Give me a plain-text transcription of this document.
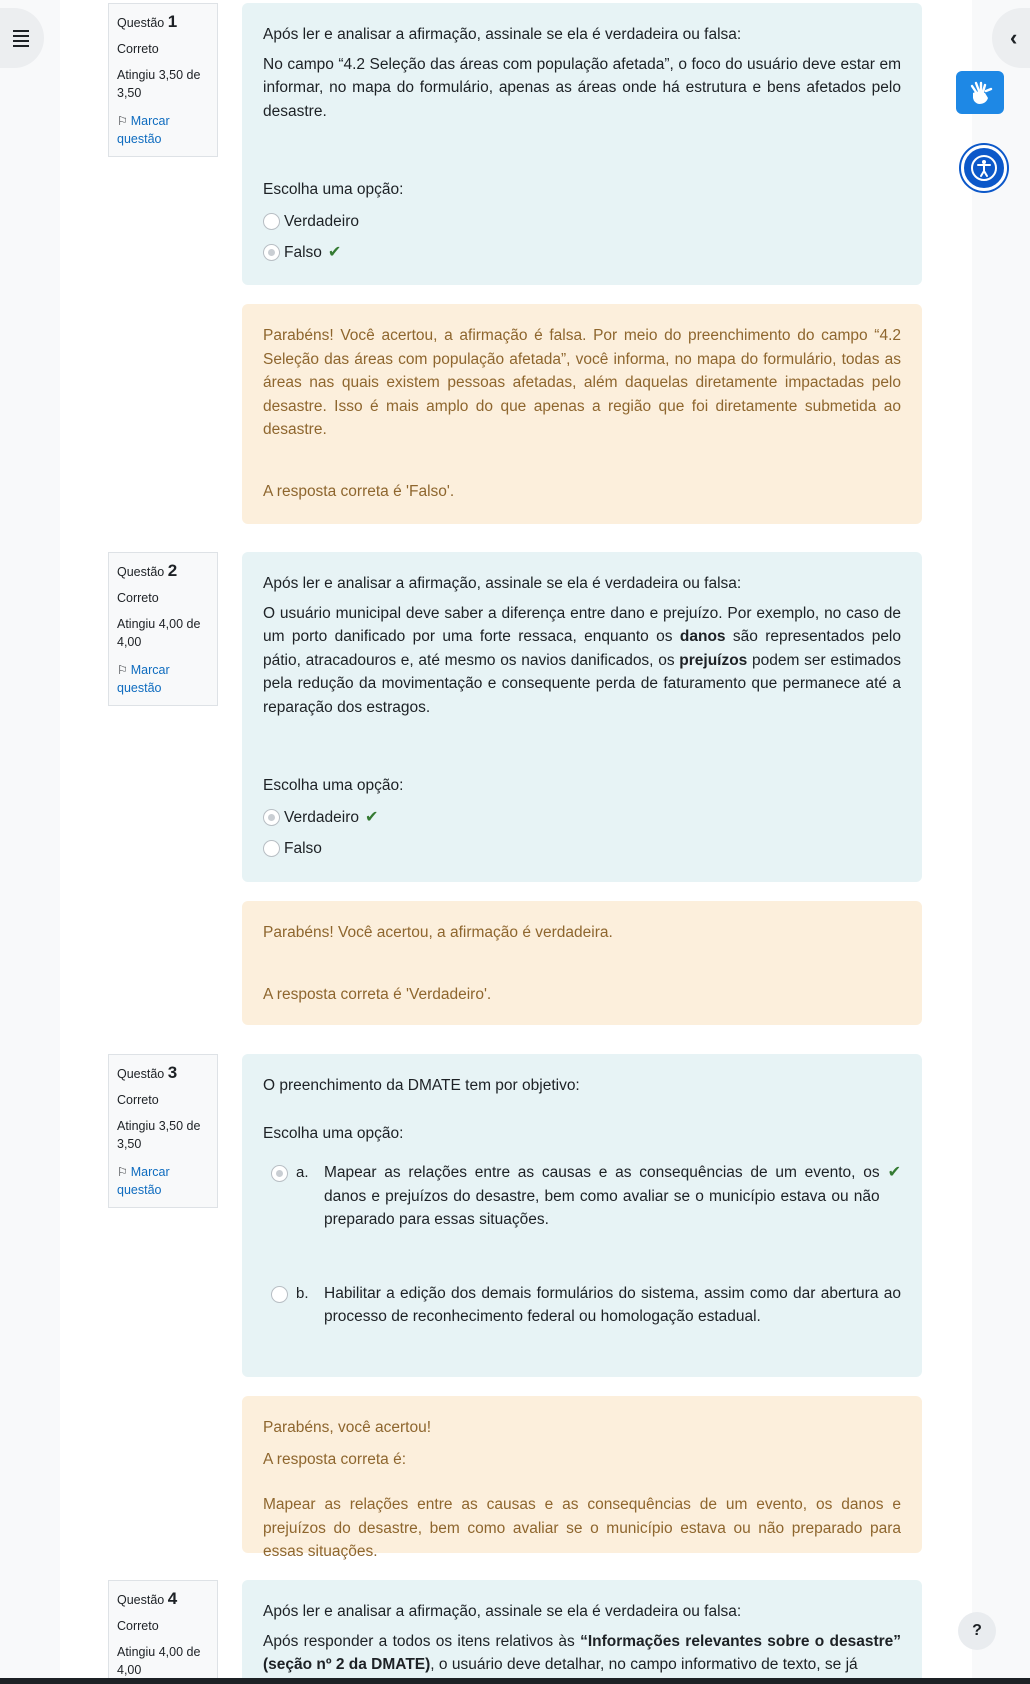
‹
Questão 1
Correto
Atingiu 3,50 de 3,50
⚐ Marcar questão
Após ler e analisar a afirmação, assinale se ela é verdadeira ou falsa:
No campo “4.2 Seleção das áreas com população afetada”, o foco do usuário deve estar em informar, no mapa do formulário, apenas as áreas onde há estrutura e bens afetados pelo desastre.
Escolha uma opção:
Verdadeiro
Falso ✔
Parabéns! Você acertou, a afirmação é falsa. Por meio do preenchimento do campo “4.2 Seleção das áreas com população afetada”, você informa, no mapa do formulário, todas as áreas nas quais existem pessoas afetadas, além daquelas diretamente impactadas pelo desastre. Isso é mais amplo do que apenas a região que foi diretamente submetida ao desastre.
A resposta correta é 'Falso'.
Questão 2
Correto
Atingiu 4,00 de 4,00
⚐ Marcar questão
Após ler e analisar a afirmação, assinale se ela é verdadeira ou falsa:
O usuário municipal deve saber a diferença entre dano e prejuízo. Por exemplo, no caso de um porto danificado por uma forte ressaca, enquanto os danos são representados pelo pátio, atracadouros e, até mesmo os navios danificados, os prejuízos podem ser estimados pela redução da movimentação e consequente perda de faturamento que permanece até a reparação dos estragos.
Escolha uma opção:
Verdadeiro ✔
Falso
Parabéns! Você acertou, a afirmação é verdadeira.
A resposta correta é 'Verdadeiro'.
Questão 3
Correto
Atingiu 3,50 de 3,50
⚐ Marcar questão
O preenchimento da DMATE tem por objetivo:
Escolha uma opção:
a. Mapear as relações entre as causas e as consequências de um evento, os danos e prejuízos do desastre, bem como avaliar se o município estava ou não preparado para essas situações.
✔
b. Habilitar a edição dos demais formulários do sistema, assim como dar abertura ao processo de reconhecimento federal ou homologação estadual.
Parabéns, você acertou!
A resposta correta é:
Mapear as relações entre as causas e as consequências de um evento, os danos e prejuízos do desastre, bem como avaliar se o município estava ou não preparado para essas situações.
Questão 4
Correto
Atingiu 4,00 de 4,00
Após ler e analisar a afirmação, assinale se ela é verdadeira ou falsa:
Após responder a todos os itens relativos às “Informações relevantes sobre o desastre” (seção nº 2 da DMATE), o usuário deve detalhar, no campo informativo de texto, se já
?
